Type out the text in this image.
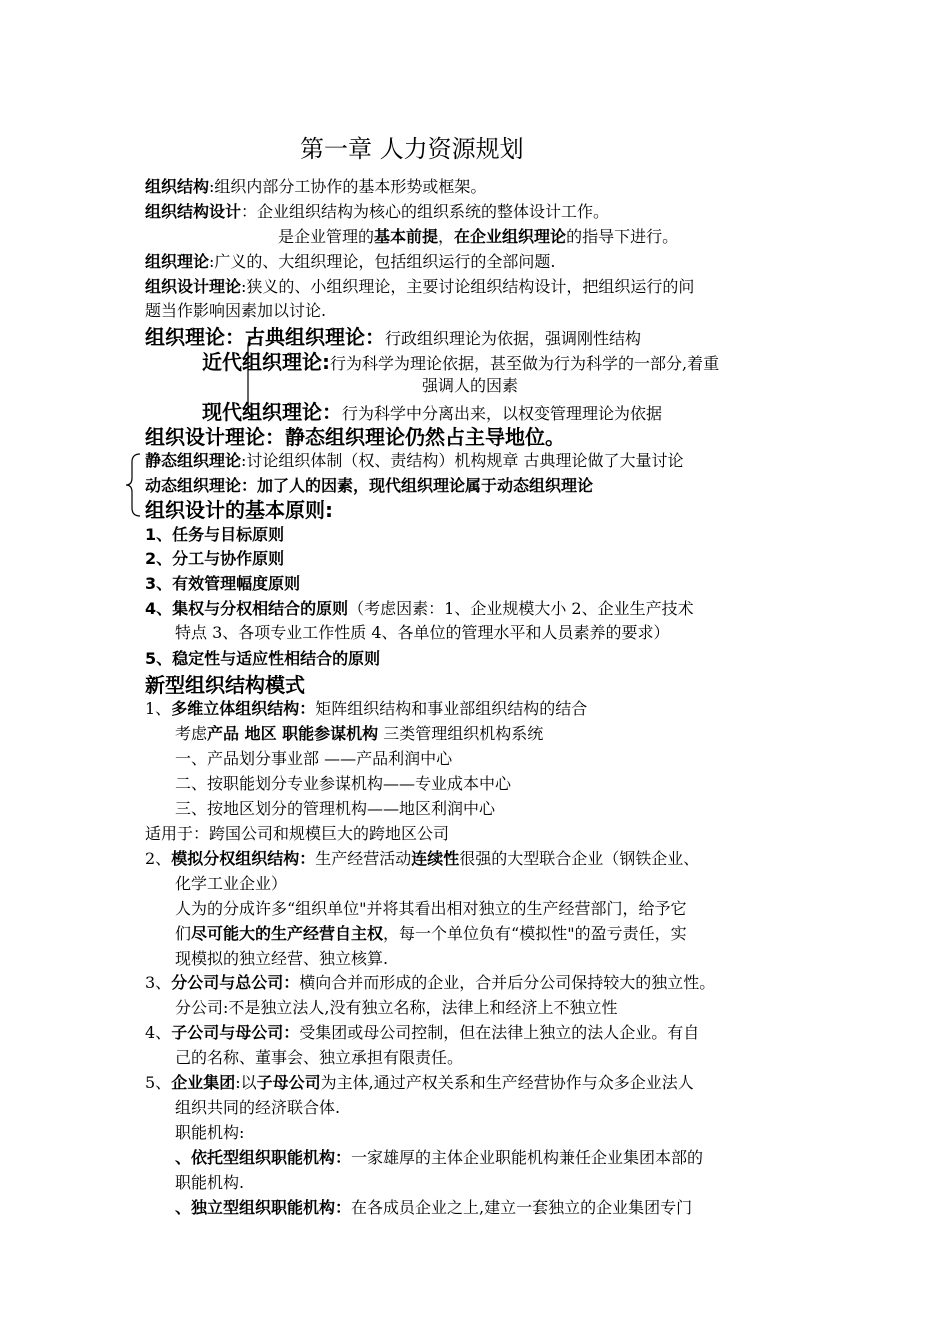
第一章 人力资源规划
组织结构:组织内部分工协作的基本形势或框架。
组织结构设计：企业组织结构为核心的组织系统的整体设计工作。
是企业管理的基本前提，在企业组织理论的指导下进行。
组织理论:广义的、大组织理论，包括组织运行的全部问题.
组织设计理论:狭义的、小组织理论，主要讨论组织结构设计，把组织运行的问
题当作影响因素加以讨论.
组织理论：古典组织理论：行政组织理论为依据，强调刚性结构
近代组织理论:行为科学为理论依据，甚至做为行为科学的一部分,着重
强调人的因素
现代组织理论：行为科学中分离出来，以权变管理理论为依据
组织设计理论：静态组织理论仍然占主导地位。
静态组织理论:讨论组织体制（权、责结构）机构规章 古典理论做了大量讨论
动态组织理论：加了人的因素，现代组织理论属于动态组织理论
组织设计的基本原则:
1、任务与目标原则
2、分工与协作原则
3、有效管理幅度原则
4、集权与分权相结合的原则（考虑因素：1、企业规模大小 2、企业生产技术
特点 3、各项专业工作性质 4、各单位的管理水平和人员素养的要求）
5、稳定性与适应性相结合的原则
新型组织结构模式
1、多维立体组织结构：矩阵组织结构和事业部组织结构的结合
考虑产品 地区 职能参谋机构 三类管理组织机构系统
一、产品划分事业部 ——产品利润中心
二、按职能划分专业参谋机构——专业成本中心
三、按地区划分的管理机构——地区利润中心
适用于：跨国公司和规模巨大的跨地区公司
2、模拟分权组织结构：生产经营活动连续性很强的大型联合企业（钢铁企业、
化学工业企业）
人为的分成许多“组织单位"并将其看出相对独立的生产经营部门，给予它
们尽可能大的生产经营自主权，每一个单位负有“模拟性"的盈亏责任，实
现模拟的独立经营、独立核算.
3、分公司与总公司：横向合并而形成的企业，合并后分公司保持较大的独立性。
分公司:不是独立法人,没有独立名称，法律上和经济上不独立性
4、子公司与母公司：受集团或母公司控制，但在法律上独立的法人企业。有自
己的名称、董事会、独立承担有限责任。
5、企业集团:以子母公司为主体,通过产权关系和生产经营协作与众多企业法人
组织共同的经济联合体.
职能机构:
、依托型组织职能机构：一家雄厚的主体企业职能机构兼任企业集团本部的
职能机构.
、独立型组织职能机构：在各成员企业之上,建立一套独立的企业集团专门
